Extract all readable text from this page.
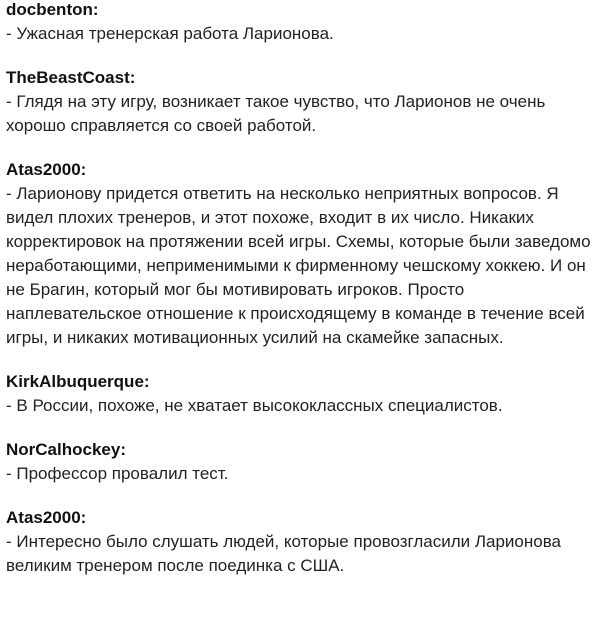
docbenton:
- Ужасная тренерская работа Ларионова.
TheBeastCoast:
- Глядя на эту игру, возникает такое чувство, что Ларионов не очень хорошо справляется со своей работой.
Atas2000:
- Ларионову придется ответить на несколько неприятных вопросов. Я видел плохих тренеров, и этот похоже, входит в их число. Никаких корректировок на протяжении всей игры. Схемы, которые были заведомо неработающими, неприменимыми к фирменному чешскому хоккею. И он не Брагин, который мог бы мотивировать игроков. Просто наплевательское отношение к происходящему в команде в течение всей игры, и никаких мотивационных усилий на скамейке запасных.
KirkAlbuquerque:
- В России, похоже, не хватает высококлассных специалистов.
NorCalhockey:
- Профессор провалил тест.
Atas2000:
- Интересно было слушать людей, которые провозгласили Ларионова великим тренером после поединка с США.
